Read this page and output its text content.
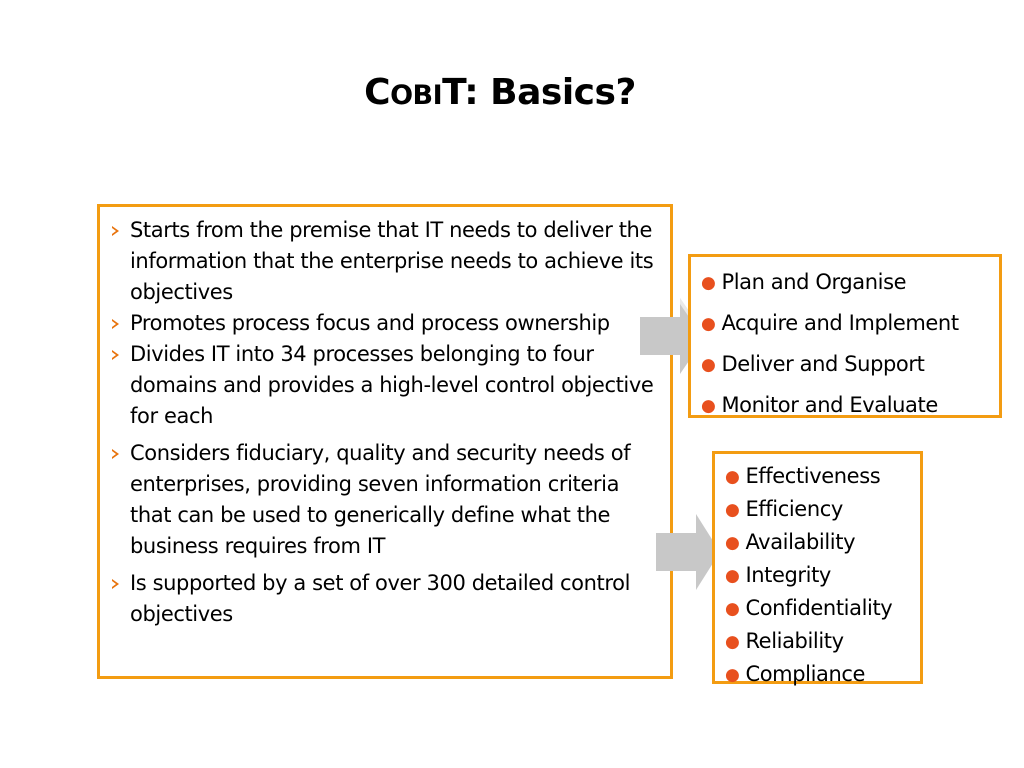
COBIT: Basics?
Starts from the premise that IT needs to deliver the information that the enterprise needs to achieve its objectives
Promotes process focus and process ownership
Divides IT into 34 processes belonging to four domains and provides a high-level control objective for each
Considers fiduciary, quality and security needs of enterprises, providing seven information criteria that can be used to generically define what the business requires from IT
Is supported by a set of over 300 detailed control objectives
● Plan and Organise
● Acquire and Implement
● Deliver and Support
● Monitor and Evaluate
● Effectiveness
● Efficiency
● Availability
● Integrity
● Confidentiality
● Reliability
● Compliance
